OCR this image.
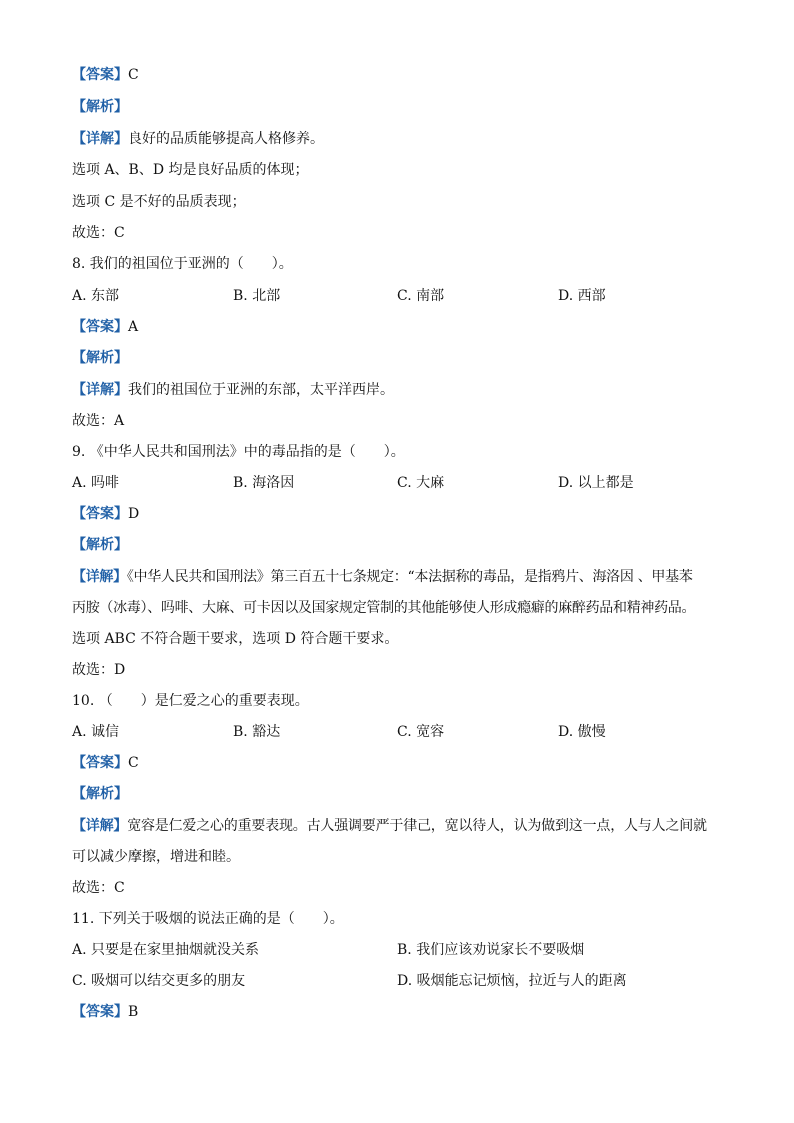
【答案】C
【解析】
【详解】良好的品质能够提高人格修养。
选项 A、B、D 均是良好品质的体现；
选项 C 是不好的品质表现；
故选：C
8. 我们的祖国位于亚洲的（　　）。
A. 东部	B. 北部	C. 南部	D. 西部
【答案】A
【解析】
【详解】我们的祖国位于亚洲的东部，太平洋西岸。
故选：A
9. 《中华人民共和国刑法》中的毒品指的是（　　）。
A. 吗啡	B. 海洛因	C. 大麻	D. 以上都是
【答案】D
【解析】
【详解】《中华人民共和国刑法》第三百五十七条规定：“本法据称的毒品，是指鸦片、海洛因 、甲基苯
丙胺（冰毒）、吗啡、大麻、可卡因以及国家规定管制的其他能够使人形成瘾癖的麻醉药品和精神药品。
选项 ABC 不符合题干要求，选项 D 符合题干要求。
故选：D
10. （　　）是仁爱之心的重要表现。
A. 诚信	B. 豁达	C. 宽容	D. 傲慢
【答案】C
【解析】
【详解】宽容是仁爱之心的重要表现。古人强调要严于律己，宽以待人，认为做到这一点，人与人之间就
可以减少摩擦，增进和睦。
故选：C
11. 下列关于吸烟的说法正确的是（　　）。
A. 只要是在家里抽烟就没关系	B. 我们应该劝说家长不要吸烟
C. 吸烟可以结交更多的朋友	D. 吸烟能忘记烦恼，拉近与人的距离
【答案】B
